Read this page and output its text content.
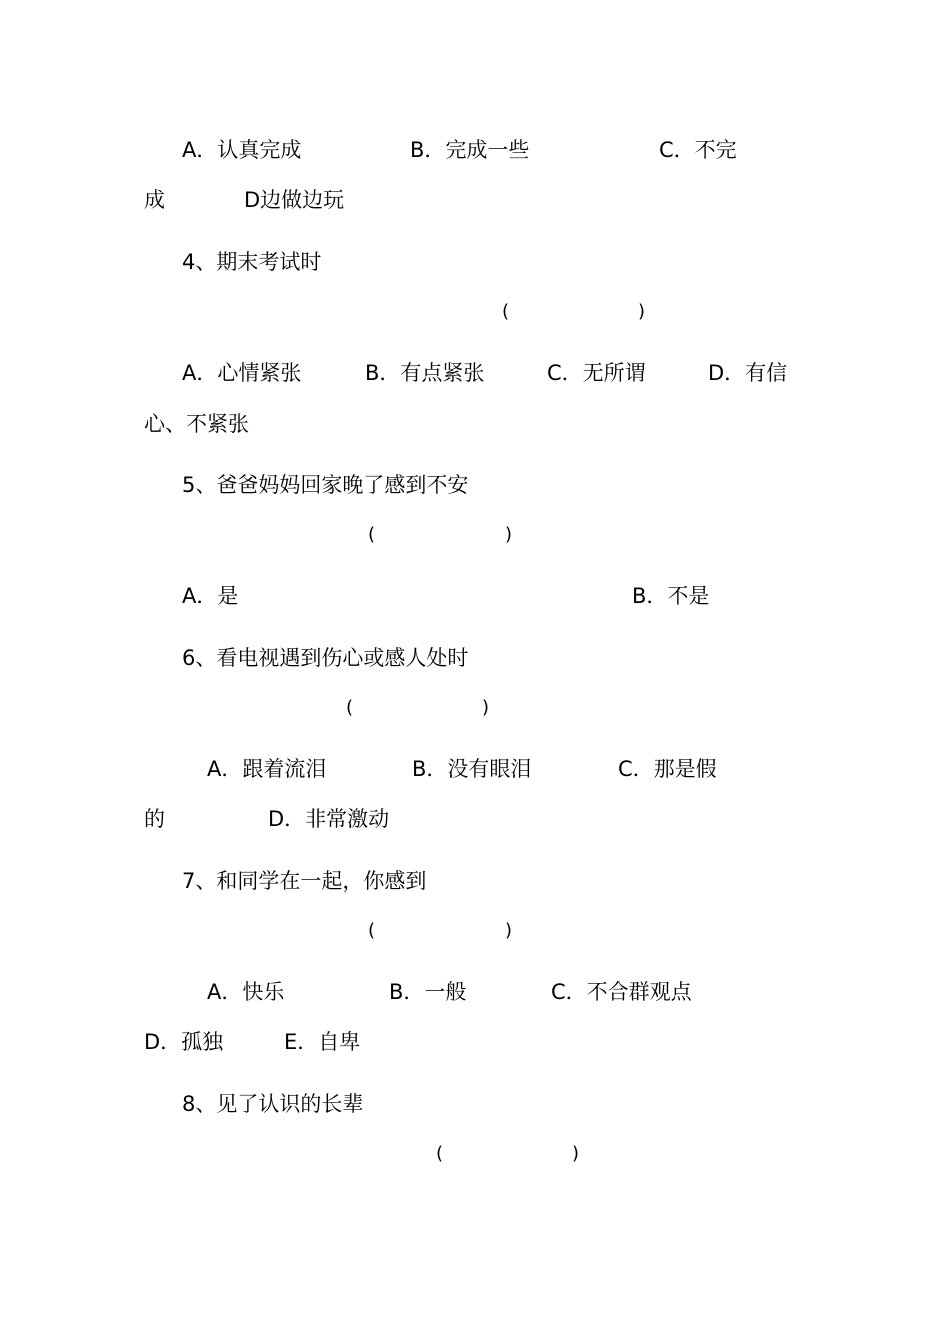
A．认真完成	B．完成一些	C．不完
成	D边做边玩
4、期末考试时
(	)
A．心情紧张	B．有点紧张	C．无所谓	D．有信
心、不紧张
5、爸爸妈妈回家晚了感到不安
(	)
A．是	B．不是
6、看电视遇到伤心或感人处时
(	)
A．跟着流泪	B．没有眼泪	C．那是假
的	D．非常激动
7、和同学在一起，你感到
(	)
A．快乐	B．一般	C．不合群观点
D．孤独	E．自卑
8、见了认识的长辈
(	)
